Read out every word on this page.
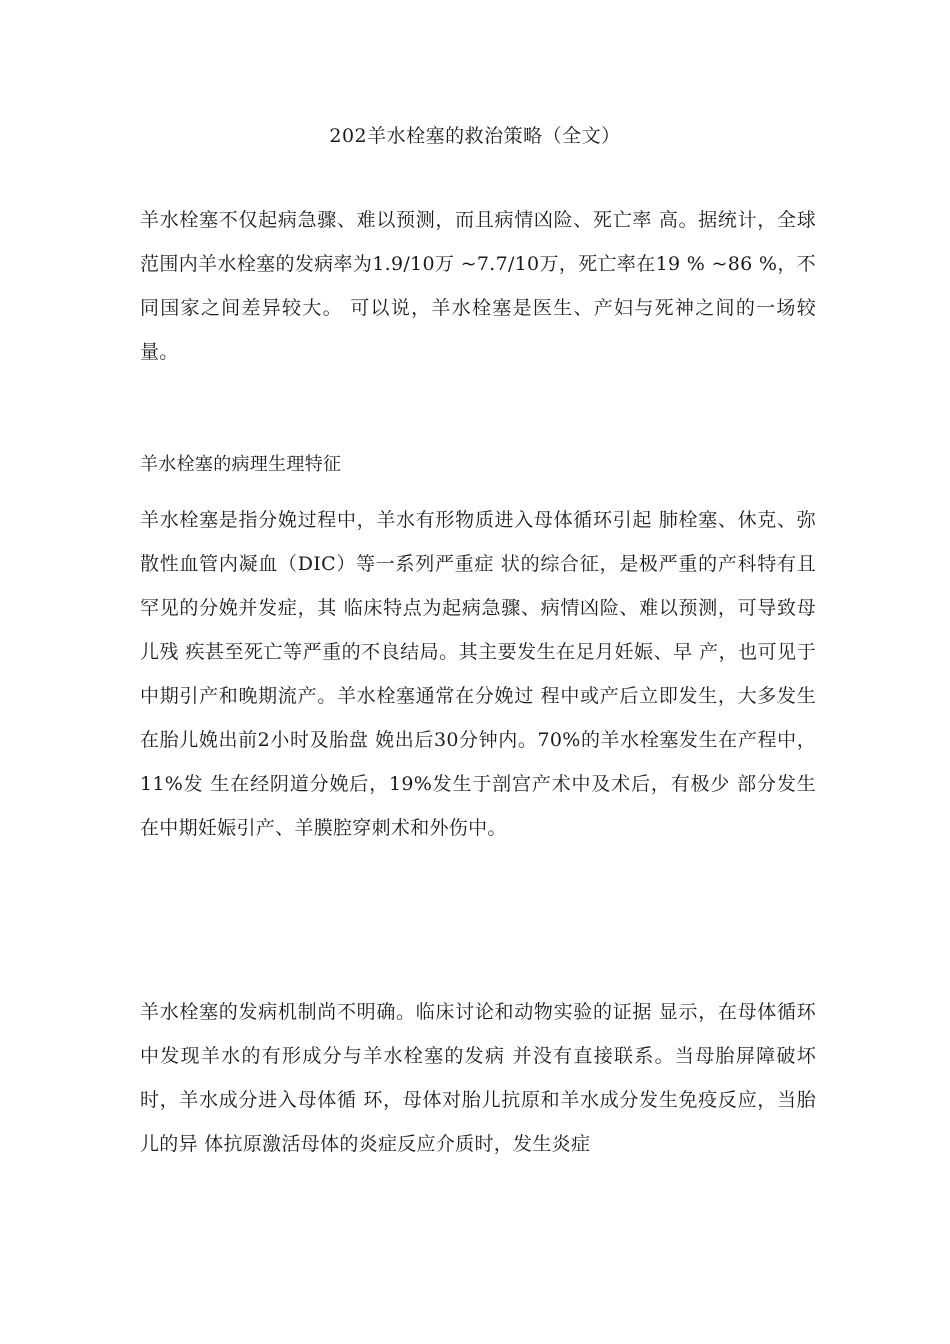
202羊水栓塞的救治策略（全文）
羊水栓塞不仅起病急骤、难以预测，而且病情凶险、死亡率 高。据统计，全球范围内羊水栓塞的发病率为1.9/10万 ~7.7/10万，死亡率在19 % ~86 %，不同国家之间差异较大。 可以说，羊水栓塞是医生、产妇与死神之间的一场较量。
羊水栓塞的病理生理特征
羊水栓塞是指分娩过程中，羊水有形物质进入母体循环引起 肺栓塞、休克、弥散性血管内凝血（DIC）等一系列严重症 状的综合征，是极严重的产科特有且罕见的分娩并发症，其 临床特点为起病急骤、病情凶险、难以预测，可导致母儿残 疾甚至死亡等严重的不良结局。其主要发生在足月妊娠、早 产，也可见于中期引产和晚期流产。羊水栓塞通常在分娩过 程中或产后立即发生，大多发生在胎儿娩出前2小时及胎盘 娩出后30分钟内。70%的羊水栓塞发生在产程中，11%发 生在经阴道分娩后，19%发生于剖宫产术中及术后，有极少 部分发生在中期妊娠引产、羊膜腔穿刺术和外伤中。
羊水栓塞的发病机制尚不明确。临床讨论和动物实验的证据 显示，在母体循环中发现羊水的有形成分与羊水栓塞的发病 并没有直接联系。当母胎屏障破坏时，羊水成分进入母体循 环，母体对胎儿抗原和羊水成分发生免疫反应，当胎儿的异 体抗原激活母体的炎症反应介质时，发生炎症
